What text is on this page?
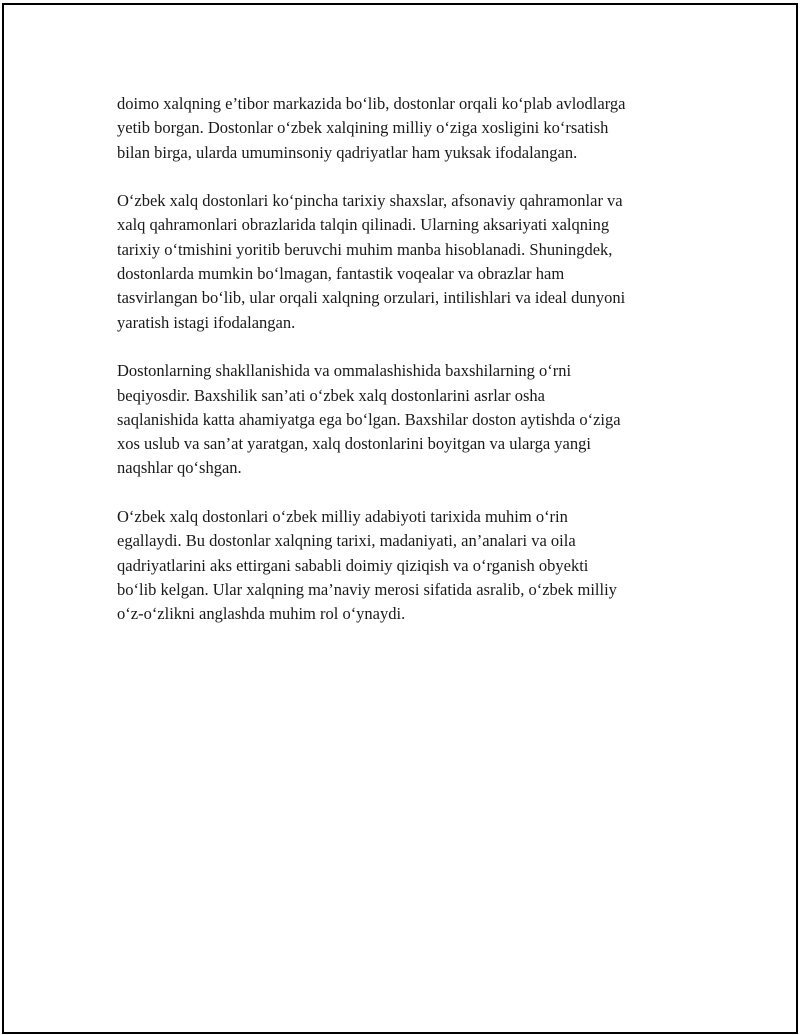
doimo xalqning e’tibor markazida bo‘lib, dostonlar orqali ko‘plab avlodlarga
yetib borgan. Dostonlar o‘zbek xalqining milliy o‘ziga xosligini ko‘rsatish
bilan birga, ularda umuminsoniy qadriyatlar ham yuksak ifodalangan.

O‘zbek xalq dostonlari ko‘pincha tarixiy shaxslar, afsonaviy qahramonlar va
xalq qahramonlari obrazlarida talqin qilinadi. Ularning aksariyati xalqning
tarixiy o‘tmishini yoritib beruvchi muhim manba hisoblanadi. Shuningdek,
dostonlarda mumkin bo‘lmagan, fantastik voqealar va obrazlar ham
tasvirlangan bo‘lib, ular orqali xalqning orzulari, intilishlari va ideal dunyoni
yaratish istagi ifodalangan.

Dostonlarning shakllanishida va ommalashishida baxshilarning o‘rni
beqiyosdir. Baxshilik san’ati o‘zbek xalq dostonlarini asrlar osha
saqlanishida katta ahamiyatga ega bo‘lgan. Baxshilar doston aytishda o‘ziga
xos uslub va san’at yaratgan, xalq dostonlarini boyitgan va ularga yangi
naqshlar qo‘shgan.

O‘zbek xalq dostonlari o‘zbek milliy adabiyoti tarixida muhim o‘rin
egallaydi. Bu dostonlar xalqning tarixi, madaniyati, an’analari va oila
qadriyatlarini aks ettirgani sababli doimiy qiziqish va o‘rganish obyekti
bo‘lib kelgan. Ular xalqning ma’naviy merosi sifatida asralib, o‘zbek milliy
o‘z-o‘zlikni anglashda muhim rol o‘ynaydi.
